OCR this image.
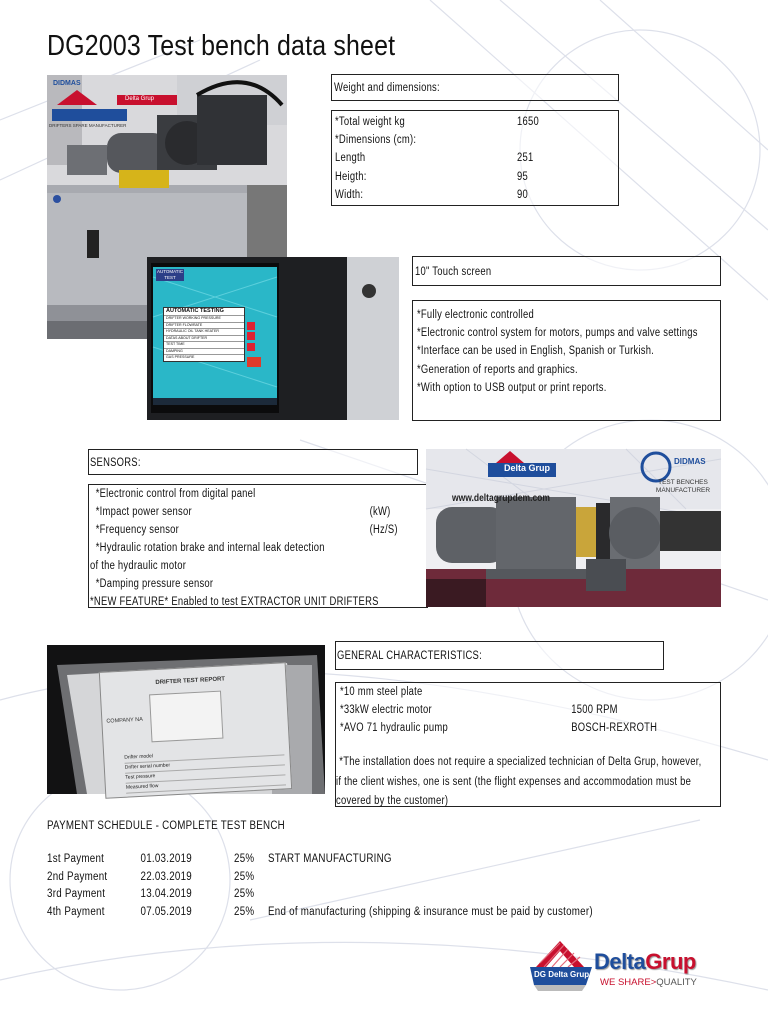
DG2003 Test bench data sheet
DIDMAS
DRIFTERS SPARE MANUFACTURER
Delta Grup
AUTOMATIC TEST
AUTOMATIC TESTING
DRIFTER WORKING PRESSURE
DRIFTER FLOWRATE
HYDRAULIC OIL TANK HEATER
DATAS ABOUT DRIFTER
TEST TIME
DAMPING
GAS PRESSURE
Weight and dimensions:
*Total weight kg	1650
*Dimensions (cm):
Length	251
Heigth:	95
Width:	90
10" Touch screen
*Fully electronic controlled
*Electronic control system for motors, pumps and valve settings
*Interface can be used in English, Spanish or Turkish.
*Generation of reports and graphics.
*With option to USB output or print reports.
SENSORS:
*Electronic control from digital panel
*Impact power sensor	(kW)
*Frequency sensor	(Hz/S)
*Hydraulic rotation brake and internal leak detection
of the hydraulic motor
*Damping pressure sensor
*NEW FEATURE* Enabled to test EXTRACTOR UNIT DRIFTERS
Delta Grup
www.deltagrupdem.com
DIDMAS
TEST BENCHES MANUFACTURER
DRIFTER TEST REPORT
COMPANY NA
Drifter model
Drifter serial number
Test pressure
Measured flow
GENERAL CHARACTERISTICS:
*10 mm steel plate
*33kW electric motor	1500 RPM
*AVO 71 hydraulic pump	BOSCH-REXROTH
*The installation does not require a specialized technician of Delta Grup, however,
if the client wishes, one is sent (the flight expenses and accommodation must be
covered by the customer)
PAYMENT SCHEDULE - COMPLETE TEST BENCH
1st Payment	01.03.2019	25% START MANUFACTURING
2nd Payment	22.03.2019	25%
3rd Payment	13.04.2019	25%
4th Payment	07.05.2019	25% End of manufacturing (shipping & insurance must be paid by customer)
DG Delta Grup
DeltaGrup
WE SHARE>QUALITY
